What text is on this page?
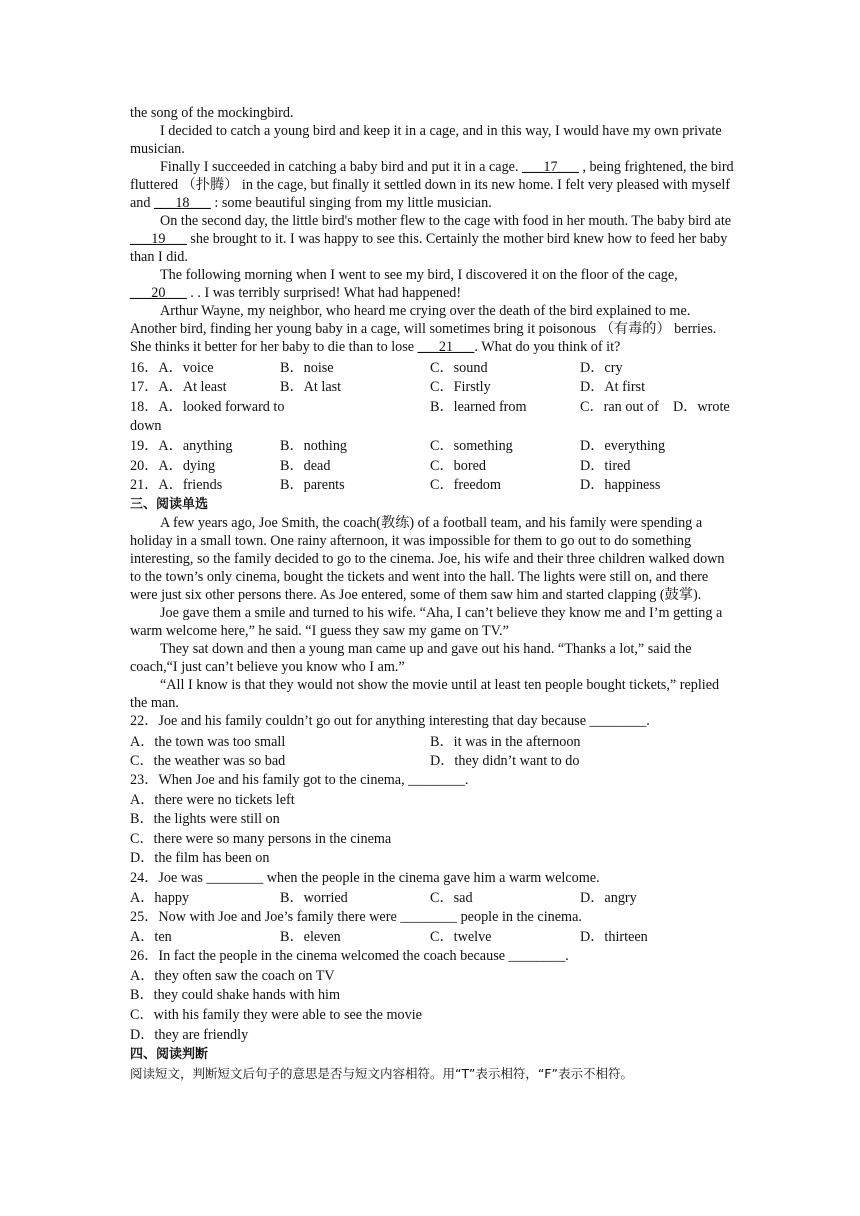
the song of the mockingbird.

I decided to catch a young bird and keep it in a cage, and in this way, I would have my own private musician.

Finally I succeeded in catching a baby bird and put it in a cage. ___17___ , being frightened, the bird fluttered （扑腾） in the cage, but finally it settled down in its new home. I felt very pleased with myself and ___18___ : some beautiful singing from my little musician.

On the second day, the little bird's mother flew to the cage with food in her mouth. The baby bird ate ___19___ she brought to it. I was happy to see this. Certainly the mother bird knew how to feed her baby than I did.

The following morning when I went to see my bird, I discovered it on the floor of the cage, ___20___ . . I was terribly surprised! What had happened!

Arthur Wayne, my neighbor, who heard me crying over the death of the bird explained to me. Another bird, finding her young baby in a cage, will sometimes bring it poisonous （有毒的） berries. She thinks it better for her baby to die than to lose ___21___. What do you think of it?

16．A．voice	B．noise	C．sound	D．cry
17．A．At least	B．At last	C．Firstly	D．At first
18．A．looked forward to	B．learned from	C．ran out of　D．wrote
down
19．A．anything	B．nothing	C．something	D．everything
20．A．dying	B．dead	C．bored	D．tired
21．A．friends	B．parents	C．freedom	D．happiness
三、阅读单选

A few years ago, Joe Smith, the coach(教练) of a football team, and his family were spending a holiday in a small town. One rainy afternoon, it was impossible for them to go out to do something interesting, so the family decided to go to the cinema. Joe, his wife and their three children walked down to the town’s only cinema, bought the tickets and went into the hall. The lights were still on, and there were just six other persons there. As Joe entered, some of them saw him and started clapping (鼓掌).

Joe gave them a smile and turned to his wife. “Aha, I can’t believe they know me and I’m getting a warm welcome here,” he said. “I guess they saw my game on TV.”

They sat down and then a young man came up and gave out his hand. “Thanks a lot,” said the coach,“I just can’t believe you know who I am.”

“All I know is that they would not show the movie until at least ten people bought tickets,” replied the man.

22．Joe and his family couldn’t go out for anything interesting that day because ________.
A．the town was too small	B．it was in the afternoon
C．the weather was so bad	D．they didn’t want to do
23．When Joe and his family got to the cinema, ________.
A．there were no tickets left
B．the lights were still on
C．there were so many persons in the cinema
D．the film has been on
24．Joe was ________ when the people in the cinema gave him a warm welcome.
A．happy	B．worried	C．sad	D．angry
25．Now with Joe and Joe’s family there were ________ people in the cinema.
A．ten	B．eleven	C．twelve	D．thirteen
26．In fact the people in the cinema welcomed the coach because ________.
A．they often saw the coach on TV
B．they could shake hands with him
C．with his family they were able to see the movie
D．they are friendly
四、阅读判断
阅读短文，判断短文后句子的意思是否与短文内容相符。用“T”表示相符，“F”表示不相符。
